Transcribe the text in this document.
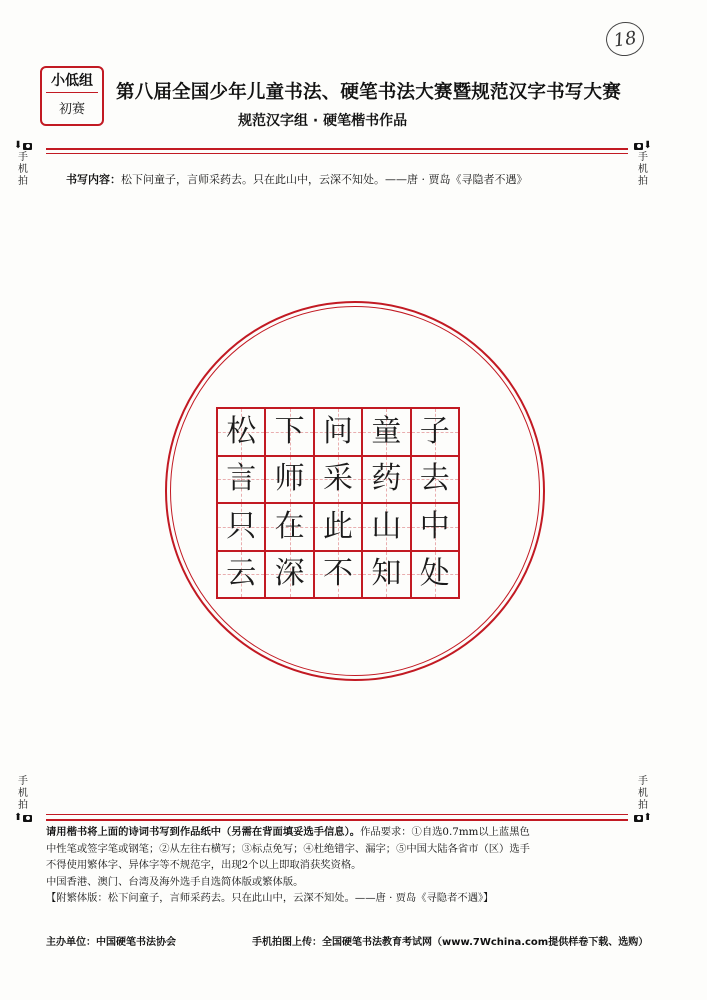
18
小低组
初赛
第八届全国少年儿童书法、硬笔书法大赛暨规范汉字书写大赛
规范汉字组 · 硬笔楷书作品
⬇
手
机
拍
⬇
手
机
拍
书写内容：松下问童子，言师采药去。只在此山中，云深不知处。——唐 · 贾岛《寻隐者不遇》
松 下 问 童 子
言 师 采 药 去
只 在 此 山 中
云 深 不 知 处
手
机
拍
⬆
手
机
拍
⬆

请用楷书将上面的诗词书写到作品纸中（另需在背面填妥选手信息）。作品要求：①自选0.7mm以上蓝黑色

中性笔或签字笔或钢笔；②从左往右横写；③标点免写；④杜绝错字、漏字；⑤中国大陆各省市（区）选手

不得使用繁体字、异体字等不规范字，出现2个以上即取消获奖资格。

中国香港、澳门、台湾及海外选手自选简体版或繁体版。

【附繁体版：松下问童子，言师采药去。只在此山中，云深不知处。——唐 · 贾岛《寻隐者不遇》】

主办单位：中国硬笔书法协会	手机拍图上传：全国硬笔书法教育考试网（www.7Wchina.com提供样卷下载、选购）
